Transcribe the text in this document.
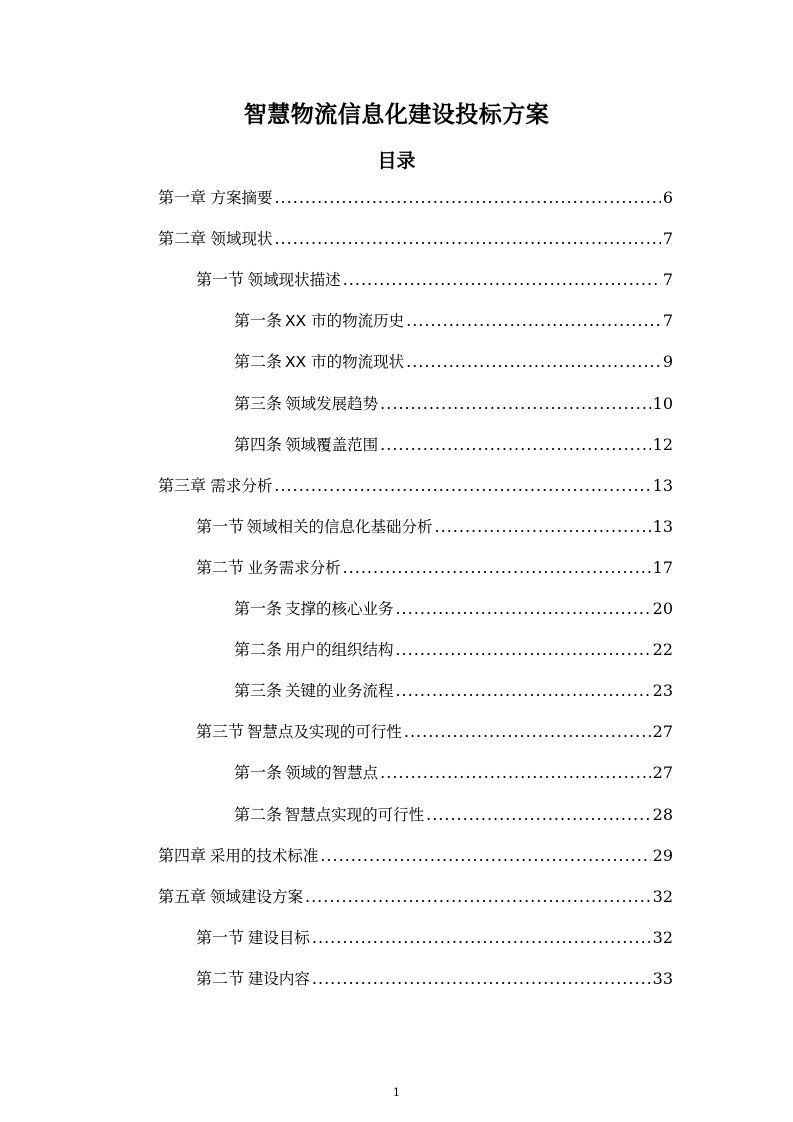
智慧物流信息化建设投标方案
目录
第一章 方案摘要 .....	6
第二章 领域现状 .....	7
第一节 领域现状描述 .....	7
第一条 XX 市的物流历史 .....	7
第二条 XX 市的物流现状 .....	9
第三条 领域发展趋势 .....	10
第四条 领域覆盖范围 .....	12
第三章 需求分析 .....	13
第一节 领域相关的信息化基础分析 .....	13
第二节 业务需求分析 .....	17
第一条 支撑的核心业务 .....	20
第二条 用户的组织结构 .....	22
第三条 关键的业务流程 .....	23
第三节 智慧点及实现的可行性 .....	27
第一条 领域的智慧点 .....	27
第二条 智慧点实现的可行性 .....	28
第四章 采用的技术标准 .....	29
第五章 领域建设方案 .....	32
第一节 建设目标 .....	32
第二节 建设内容 .....	33
1
